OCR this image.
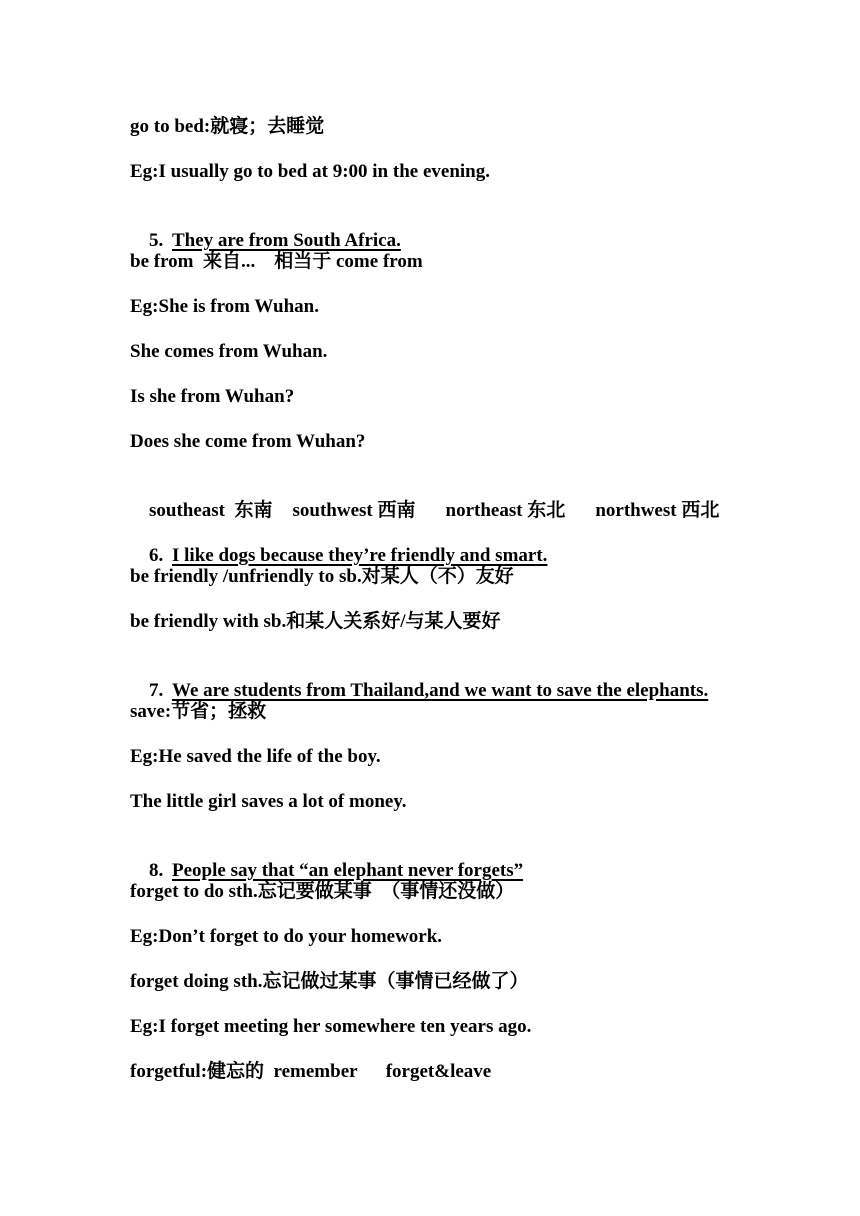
go to bed:就寝；去睡觉
Eg:I usually go to bed at 9:00 in the evening.

5. They are from South Africa.

be from  来自...    相当于 come from
Eg:She is from Wuhan.
She comes from Wuhan.
Is she from Wuhan?
Does she come from Wuhan?

southeast  东南 southwest 西南 northeast 东北 northwest 西北

6. I like dogs because they’re friendly and smart.

be friendly /unfriendly to sb.对某人（不）友好
be friendly with sb.和某人关系好/与某人要好

7. We are students from Thailand,and we want to save the elephants.

save:节省；拯救
Eg:He saved the life of the boy.
The little girl saves a lot of money.

8. People say that “an elephant never forgets”

forget to do sth.忘记要做某事  （事情还没做）
Eg:Don’t forget to do your homework.
forget doing sth.忘记做过某事（事情已经做了）
Eg:I forget meeting her somewhere ten years ago.
forgetful:健忘的  remember      forget&leave
